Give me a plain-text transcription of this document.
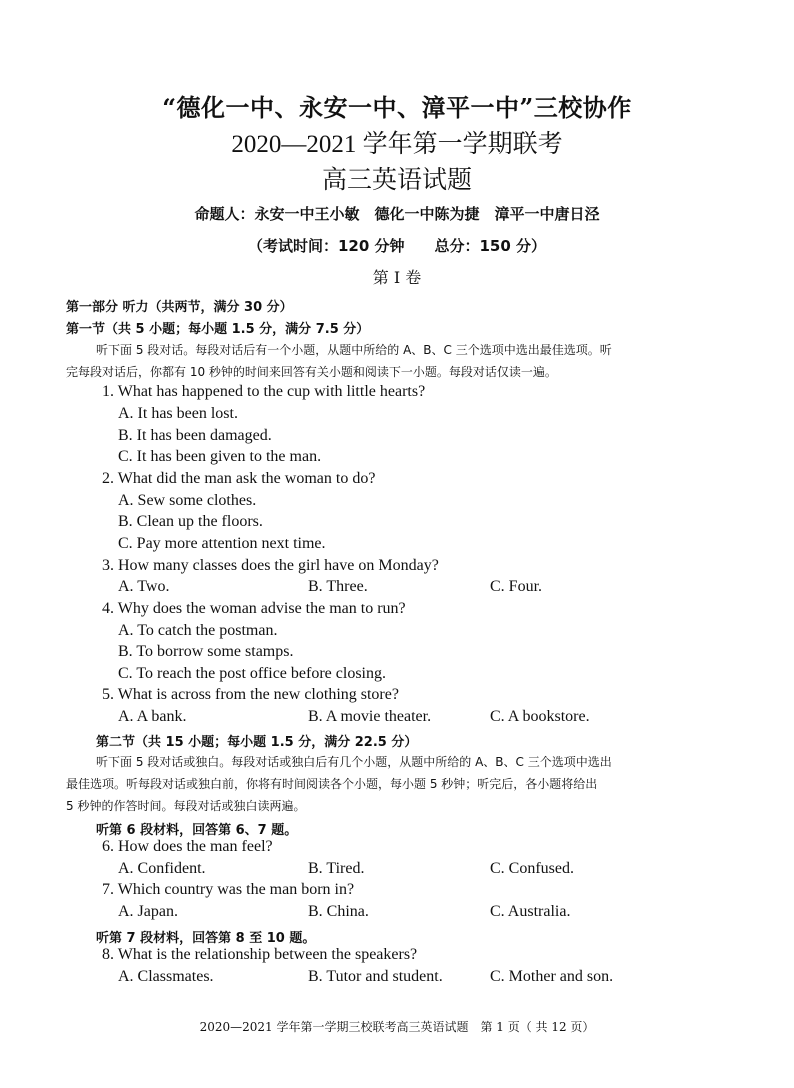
“德化一中、永安一中、漳平一中”三校协作
2020—2021 学年第一学期联考
高三英语试题
命题人：永安一中王小敏　德化一中陈为捷　漳平一中唐日泾
（考试时间：120 分钟　　总分：150 分）
第 I 卷
第一部分 听力（共两节，满分 30 分）
第一节（共 5 小题；每小题 1.5 分，满分 7.5 分）
听下面 5 段对话。每段对话后有一个小题，从题中所给的 A、B、C 三个选项中选出最佳选项。听
完每段对话后，你都有 10 秒钟的时间来回答有关小题和阅读下一小题。每段对话仅读一遍。
1. What has happened to the cup with little hearts?
A. It has been lost.
B. It has been damaged.
C. It has been given to the man.
2. What did the man ask the woman to do?
A. Sew some clothes.
B. Clean up the floors.
C. Pay more attention next time.
3. How many classes does the girl have on Monday?
A. Two.	B. Three.	C. Four.
4. Why does the woman advise the man to run?
A. To catch the postman.
B. To borrow some stamps.
C. To reach the post office before closing.
5. What is across from the new clothing store?
A. A bank.	B. A movie theater.	C. A bookstore.
第二节（共 15 小题；每小题 1.5 分，满分 22.5 分）
听下面 5 段对话或独白。每段对话或独白后有几个小题，从题中所给的 A、B、C 三个选项中选出
最佳选项。听每段对话或独白前，你将有时间阅读各个小题，每小题 5 秒钟；听完后，各小题将给出
5 秒钟的作答时间。每段对话或独白读两遍。
听第 6 段材料，回答第 6、7 题。
6. How does the man feel?
A. Confident.	B. Tired.	C. Confused.
7. Which country was the man born in?
A. Japan.	B. China.	C. Australia.
听第 7 段材料，回答第 8 至 10 题。
8. What is the relationship between the speakers?
A. Classmates.	B. Tutor and student.	C. Mother and son.
2020—2021 学年第一学期三校联考高三英语试题　第 1 页（ 共 12 页）
